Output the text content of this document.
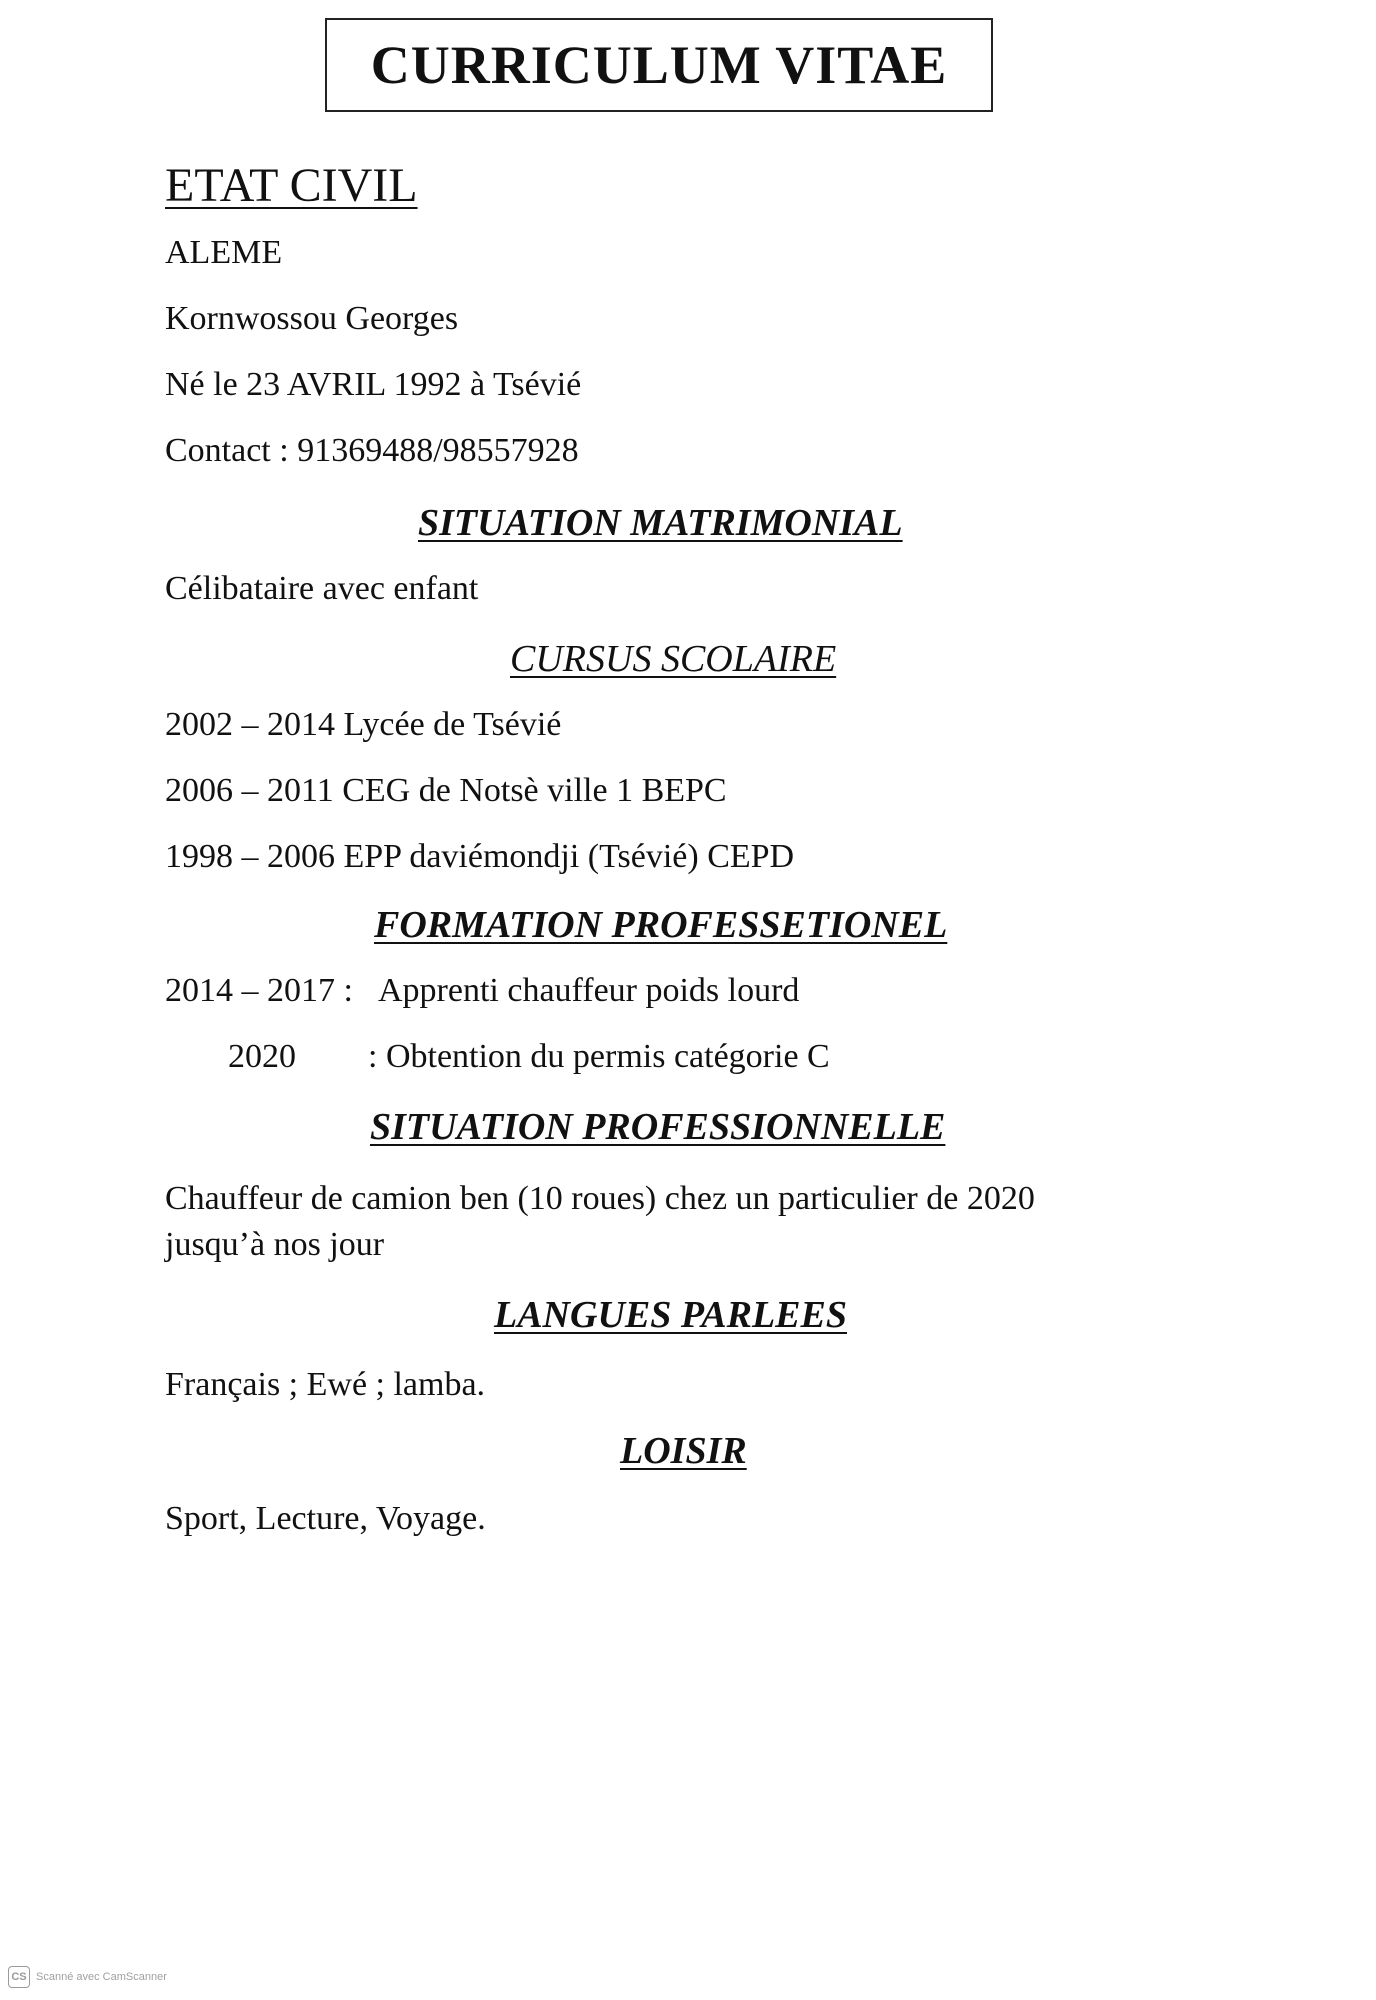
CURRICULUM VITAE
ETAT CIVIL
ALEME
Kornwossou Georges
Né le 23 AVRIL 1992 à Tsévié
Contact : 91369488/98557928
SITUATION MATRIMONIAL
Célibataire avec enfant
CURSUS SCOLAIRE
2002 – 2014 Lycée de Tsévié
2006 – 2011 CEG de Notsè ville 1 BEPC
1998 – 2006 EPP daviémondji (Tsévié) CEPD
FORMATION PROFESSETIONEL
2014 – 2017 : Apprenti chauffeur poids lourd
2020 : Obtention du permis catégorie C
SITUATION PROFESSIONNELLE
Chauffeur de camion ben (10 roues) chez un particulier de 2020
jusqu’à nos jour
LANGUES PARLEES
Français ; Ewé ; lamba.
LOISIR
Sport, Lecture, Voyage.
CS Scanné avec CamScanner
